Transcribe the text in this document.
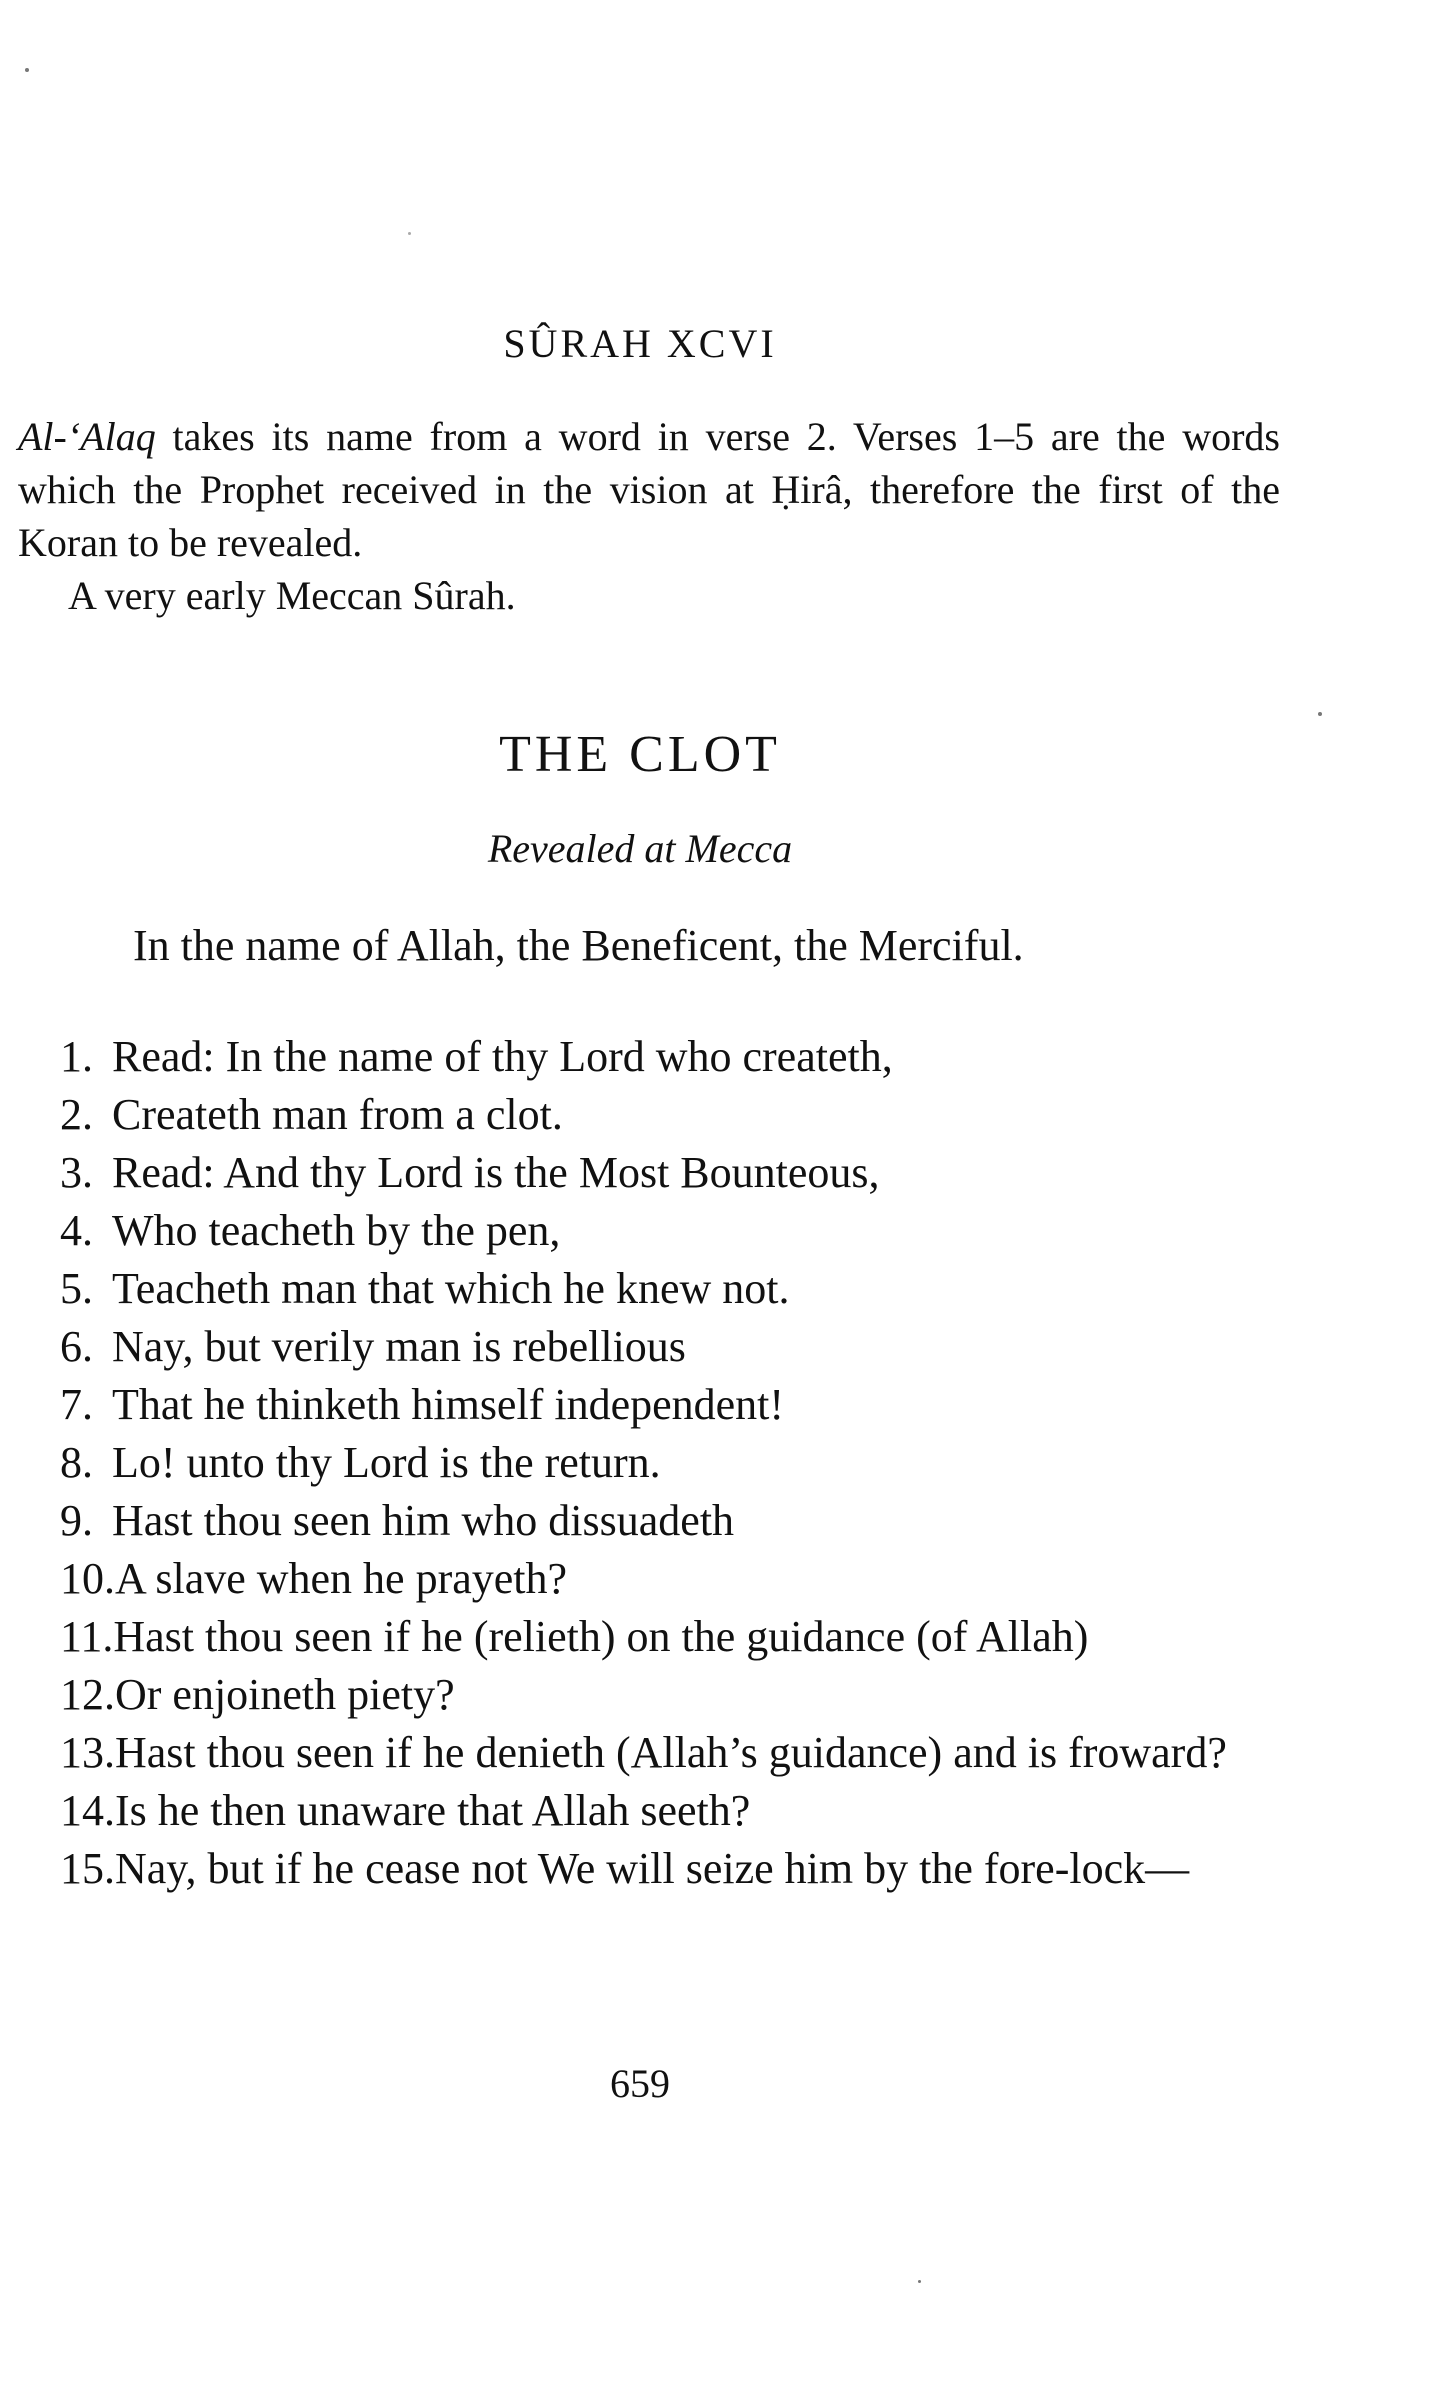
SÛRAH XCVI

Al-‘Alaq takes its name from a word in verse 2. Verses 1–5 are the words which the Prophet received in the vision at Ḥirâ, therefore the first of the Koran to be revealed.

A very early Meccan Sûrah.

THE CLOT
Revealed at Mecca
In the name of Allah, the Beneficent, the Merciful.
1. Read: In the name of thy Lord who createth,
2. Createth man from a clot.
3. Read: And thy Lord is the Most Bounteous,
4. Who teacheth by the pen,
5. Teacheth man that which he knew not.
6. Nay, but verily man is rebellious
7. That he thinketh himself independent!
8. Lo! unto thy Lord is the return.
9. Hast thou seen him who dissuadeth
10.A slave when he prayeth?
11.Hast thou seen if he (relieth) on the guidance (of Allah)
12.Or enjoineth piety?
13.Hast thou seen if he denieth (Allah’s guidance) and is froward?
14.Is he then unaware that Allah seeth?
15.Nay, but if he cease not We will seize him by the fore-lock—
659
